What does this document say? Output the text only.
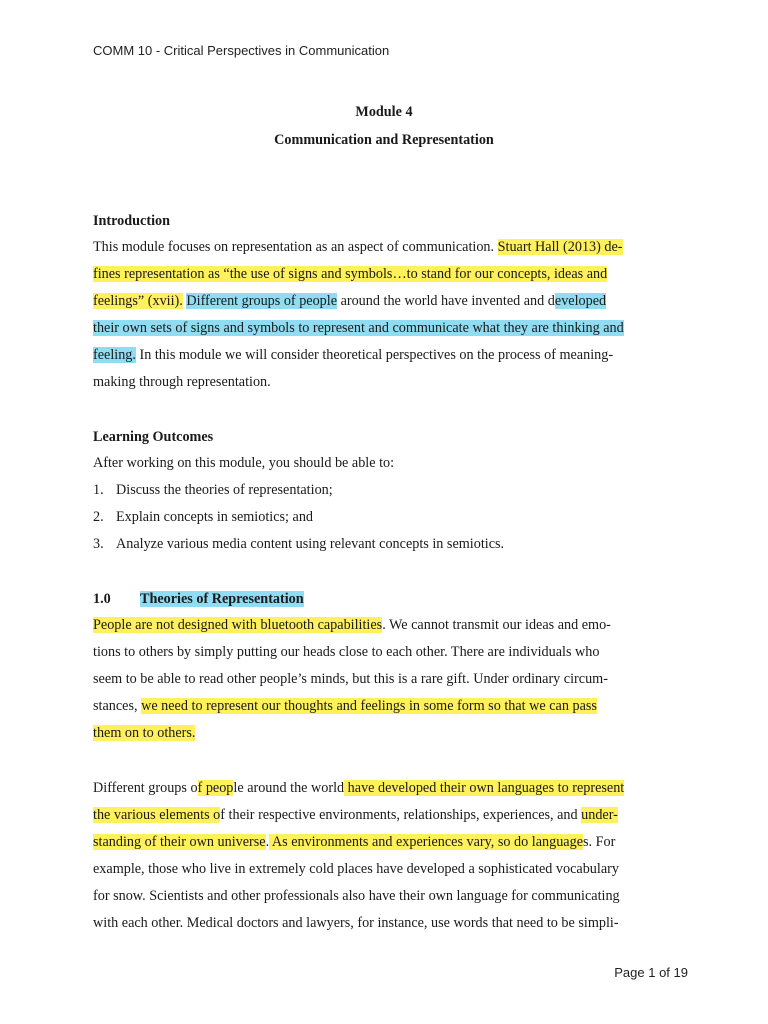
COMM 10 - Critical Perspectives in Communication
Module 4
Communication and Representation
Introduction
This module focuses on representation as an aspect of communication. Stuart Hall (2013) de-
fines representation as “the use of signs and symbols…to stand for our concepts, ideas and
feelings” (xvii). Different groups of people around the world have invented and developed
their own sets of signs and symbols to represent and communicate what they are thinking and
feeling. In this module we will consider theoretical perspectives on the process of meaning-
making through representation.
Learning Outcomes
After working on this module, you should be able to:
1. Discuss the theories of representation;
2. Explain concepts in semiotics; and
3. Analyze various media content using relevant concepts in semiotics.
1.0 Theories of Representation
People are not designed with bluetooth capabilities. We cannot transmit our ideas and emo-
tions to others by simply putting our heads close to each other. There are individuals who
seem to be able to read other people’s minds, but this is a rare gift. Under ordinary circum-
stances, we need to represent our thoughts and feelings in some form so that we can pass
them on to others.
Different groups of people around the world have developed their own languages to represent
the various elements of their respective environments, relationships, experiences, and under-
standing of their own universe. As environments and experiences vary, so do languages. For
example, those who live in extremely cold places have developed a sophisticated vocabulary
for snow. Scientists and other professionals also have their own language for communicating
with each other. Medical doctors and lawyers, for instance, use words that need to be simpli-
Page 1 of 19
